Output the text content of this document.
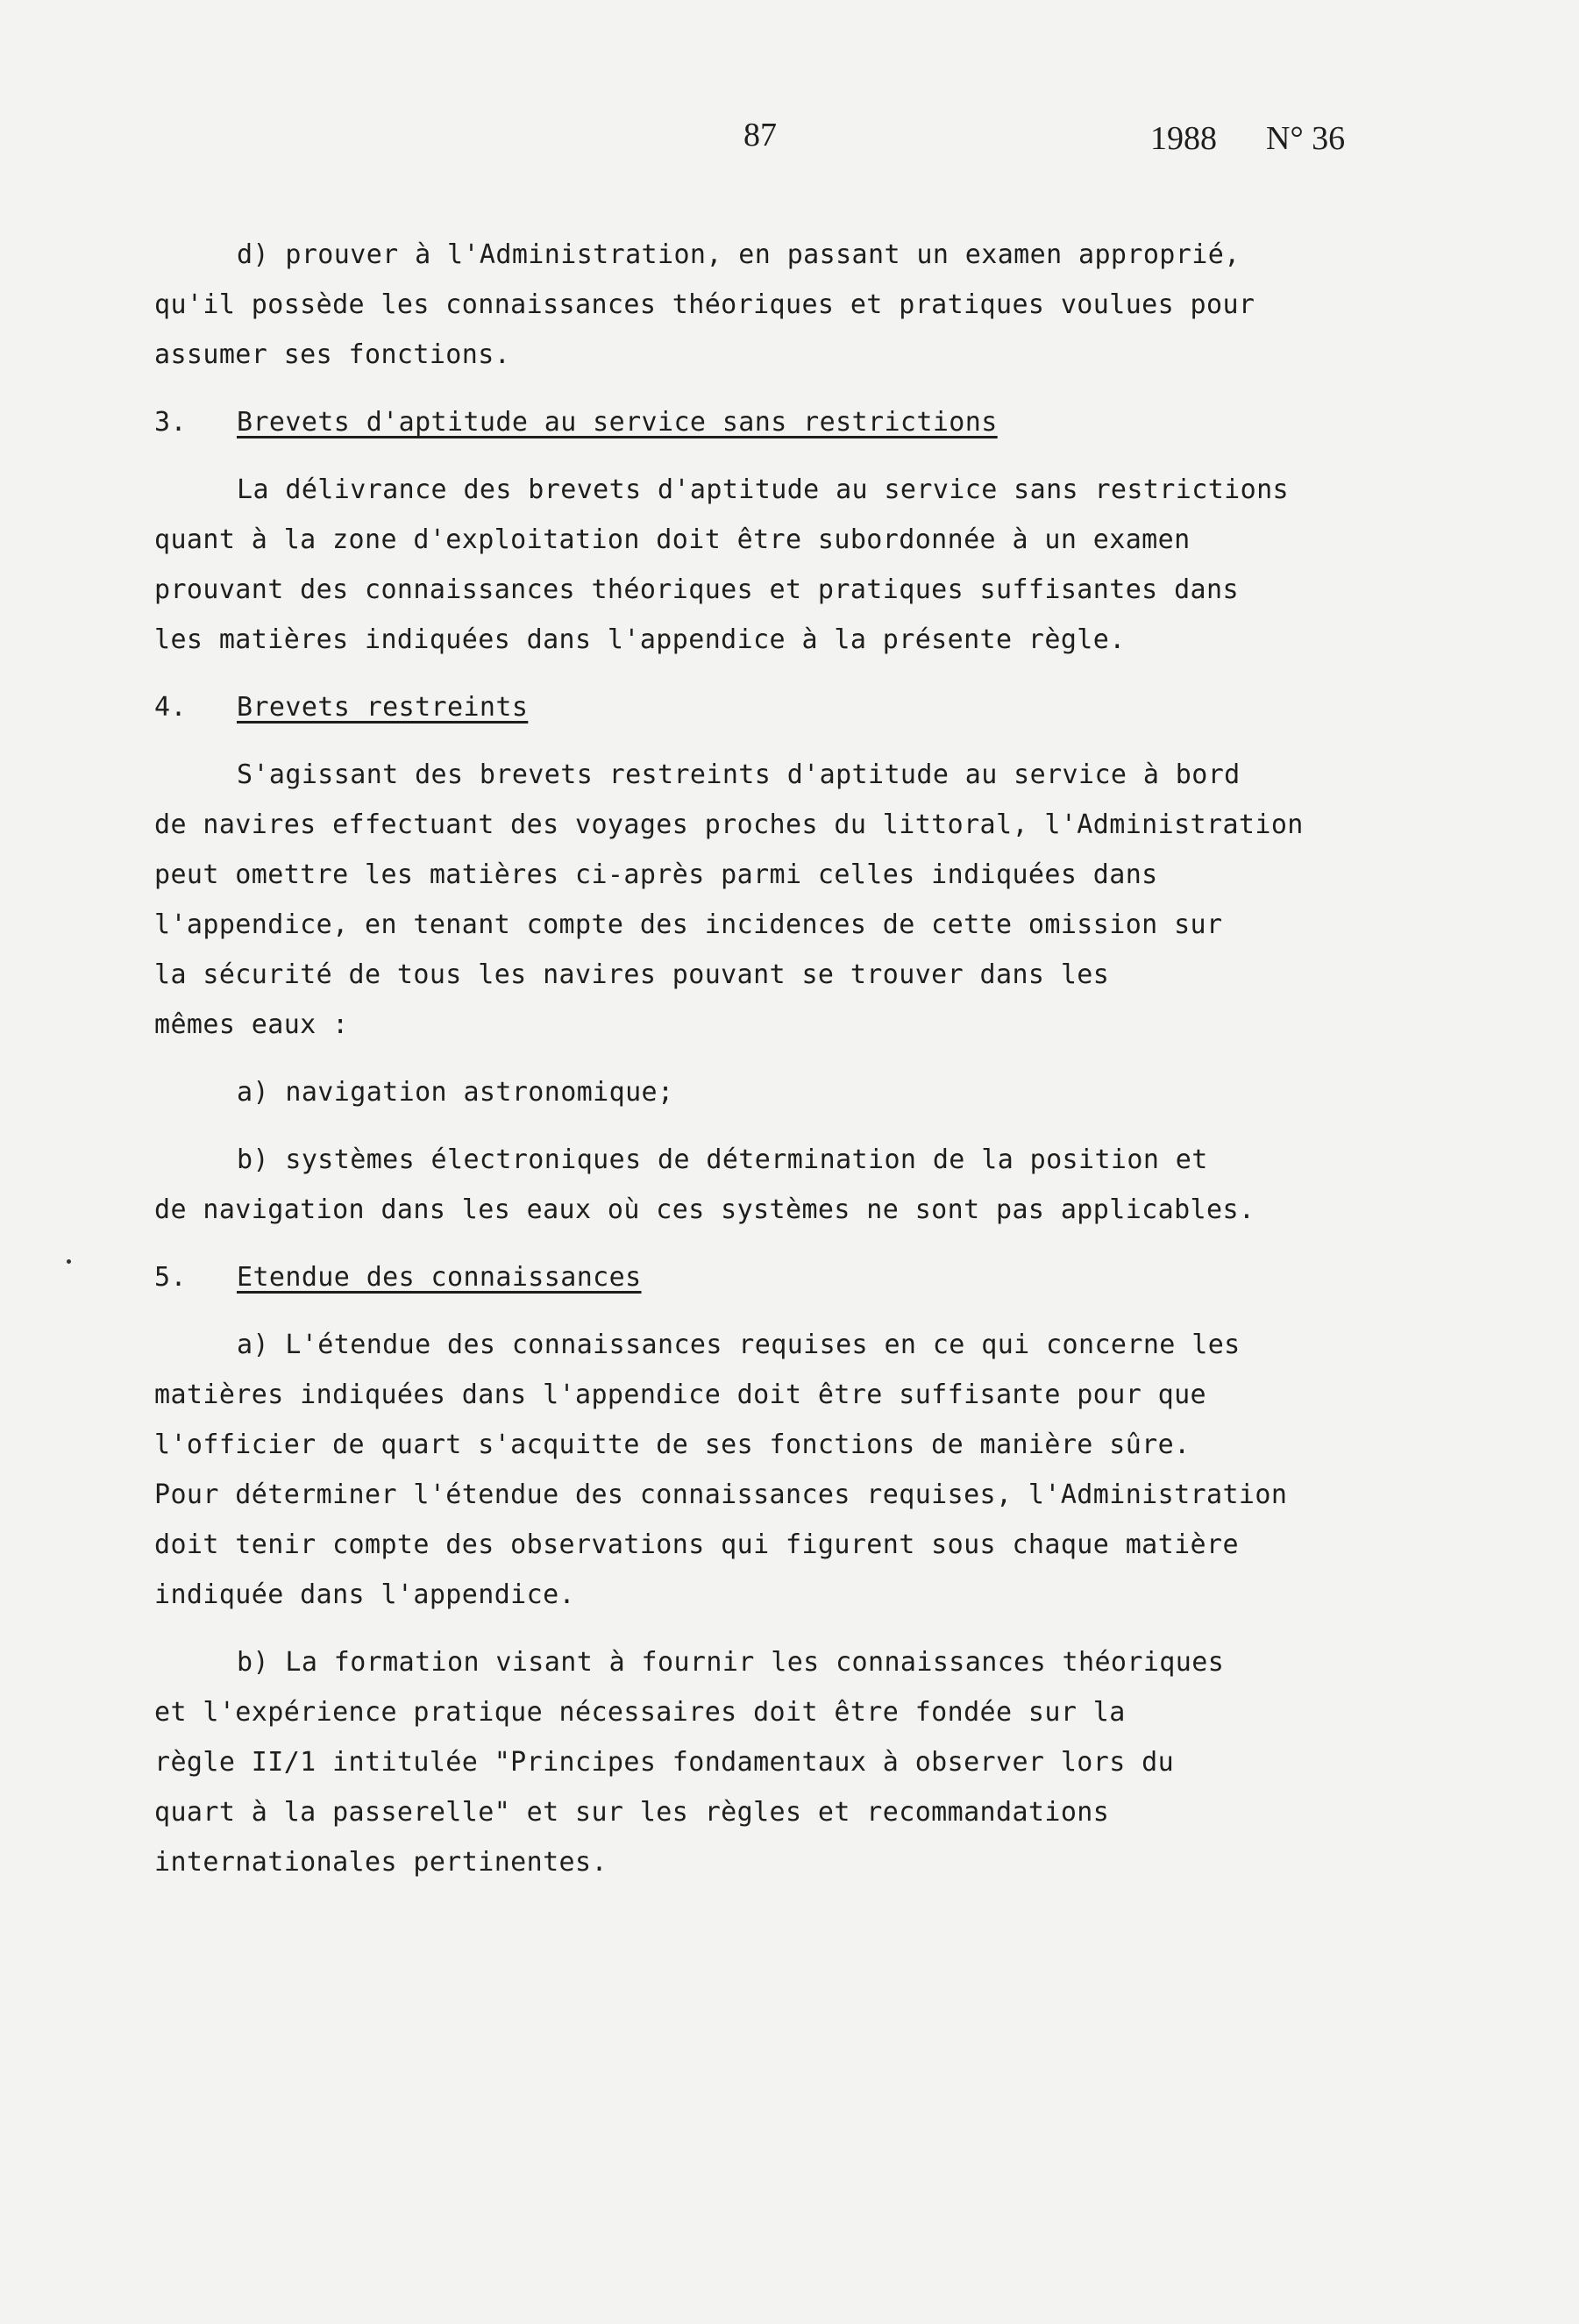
87	1988 N° 36
d) prouver à l'Administration, en passant un examen approprié,
qu'il possède les connaissances théoriques et pratiques voulues pour
assumer ses fonctions.
3. Brevets d'aptitude au service sans restrictions
La délivrance des brevets d'aptitude au service sans restrictions
quant à la zone d'exploitation doit être subordonnée à un examen
prouvant des connaissances théoriques et pratiques suffisantes dans
les matières indiquées dans l'appendice à la présente règle.
4. Brevets restreints
S'agissant des brevets restreints d'aptitude au service à bord
de navires effectuant des voyages proches du littoral, l'Administration
peut omettre les matières ci-après parmi celles indiquées dans
l'appendice, en tenant compte des incidences de cette omission sur
la sécurité de tous les navires pouvant se trouver dans les
mêmes eaux :
a) navigation astronomique;
b) systèmes électroniques de détermination de la position et
de navigation dans les eaux où ces systèmes ne sont pas applicables.
5. Etendue des connaissances
a) L'étendue des connaissances requises en ce qui concerne les
matières indiquées dans l'appendice doit être suffisante pour que
l'officier de quart s'acquitte de ses fonctions de manière sûre.
Pour déterminer l'étendue des connaissances requises, l'Administration
doit tenir compte des observations qui figurent sous chaque matière
indiquée dans l'appendice.
b) La formation visant à fournir les connaissances théoriques
et l'expérience pratique nécessaires doit être fondée sur la
règle II/1 intitulée "Principes fondamentaux à observer lors du
quart à la passerelle" et sur les règles et recommandations
internationales pertinentes.
